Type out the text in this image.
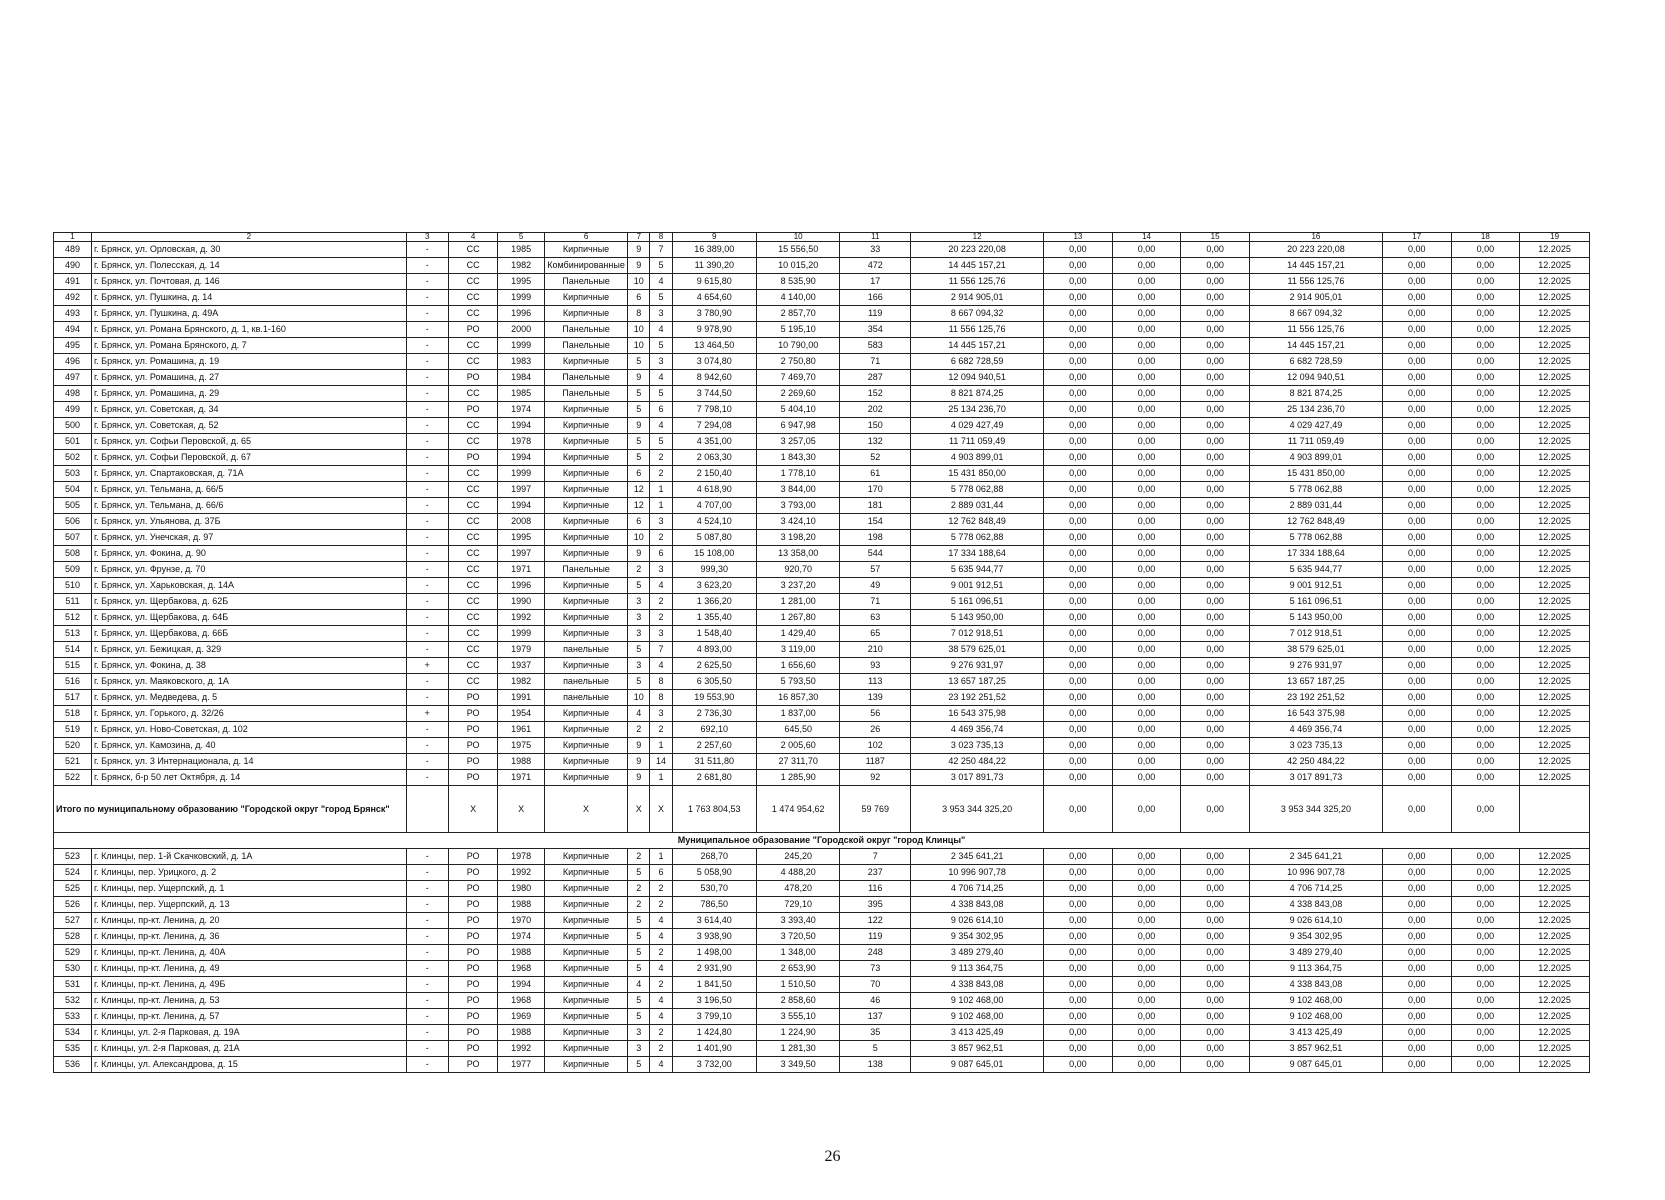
1	2	3	4	5	6	7	8	9	10	11	12	13	14	15	16	17	18	19
489	г. Брянск, ул. Орловская, д. 30	-	СС	1985	Кирпичные	9	7	16 389,00	15 556,50	33	20 223 220,08	0,00	0,00	0,00	20 223 220,08	0,00	0,00	12.2025
490	г. Брянск, ул. Полесская, д. 14	-	СС	1982	Комбинированные	9	5	11 390,20	10 015,20	472	14 445 157,21	0,00	0,00	0,00	14 445 157,21	0,00	0,00	12.2025
491	г. Брянск, ул. Почтовая, д. 146	-	СС	1995	Панельные	10	4	9 615,80	8 535,90	17	11 556 125,76	0,00	0,00	0,00	11 556 125,76	0,00	0,00	12.2025
492	г. Брянск, ул. Пушкина, д. 14	-	СС	1999	Кирпичные	6	5	4 654,60	4 140,00	166	2 914 905,01	0,00	0,00	0,00	2 914 905,01	0,00	0,00	12.2025
493	г. Брянск, ул. Пушкина, д. 49А	-	СС	1996	Кирпичные	8	3	3 780,90	2 857,70	119	8 667 094,32	0,00	0,00	0,00	8 667 094,32	0,00	0,00	12.2025
494	г. Брянск, ул. Романа Брянского, д. 1, кв.1-160	-	РО	2000	Панельные	10	4	9 978,90	5 195,10	354	11 556 125,76	0,00	0,00	0,00	11 556 125,76	0,00	0,00	12.2025
495	г. Брянск, ул. Романа Брянского, д. 7	-	СС	1999	Панельные	10	5	13 464,50	10 790,00	583	14 445 157,21	0,00	0,00	0,00	14 445 157,21	0,00	0,00	12.2025
496	г. Брянск, ул. Ромашина, д. 19	-	СС	1983	Кирпичные	5	3	3 074,80	2 750,80	71	6 682 728,59	0,00	0,00	0,00	6 682 728,59	0,00	0,00	12.2025
497	г. Брянск, ул. Ромашина, д. 27	-	РО	1984	Панельные	9	4	8 942,60	7 469,70	287	12 094 940,51	0,00	0,00	0,00	12 094 940,51	0,00	0,00	12.2025
498	г. Брянск, ул. Ромашина, д. 29	-	СС	1985	Панельные	5	5	3 744,50	2 269,60	152	8 821 874,25	0,00	0,00	0,00	8 821 874,25	0,00	0,00	12.2025
499	г. Брянск, ул. Советская, д. 34	-	РО	1974	Кирпичные	5	6	7 798,10	5 404,10	202	25 134 236,70	0,00	0,00	0,00	25 134 236,70	0,00	0,00	12.2025
500	г. Брянск, ул. Советская, д. 52	-	СС	1994	Кирпичные	9	4	7 294,08	6 947,98	150	4 029 427,49	0,00	0,00	0,00	4 029 427,49	0,00	0,00	12.2025
501	г. Брянск, ул. Софьи Перовской, д. 65	-	СС	1978	Кирпичные	5	5	4 351,00	3 257,05	132	11 711 059,49	0,00	0,00	0,00	11 711 059,49	0,00	0,00	12.2025
502	г. Брянск, ул. Софьи Перовской, д. 67	-	РО	1994	Кирпичные	5	2	2 063,30	1 843,30	52	4 903 899,01	0,00	0,00	0,00	4 903 899,01	0,00	0,00	12.2025
503	г. Брянск, ул. Спартаковская, д. 71А	-	СС	1999	Кирпичные	6	2	2 150,40	1 778,10	61	15 431 850,00	0,00	0,00	0,00	15 431 850,00	0,00	0,00	12.2025
504	г. Брянск, ул. Тельмана, д. 66/5	-	СС	1997	Кирпичные	12	1	4 618,90	3 844,00	170	5 778 062,88	0,00	0,00	0,00	5 778 062,88	0,00	0,00	12.2025
505	г. Брянск, ул. Тельмана, д. 66/6	-	СС	1994	Кирпичные	12	1	4 707,00	3 793,00	181	2 889 031,44	0,00	0,00	0,00	2 889 031,44	0,00	0,00	12.2025
506	г. Брянск, ул. Ульянова, д. 37Б	-	СС	2008	Кирпичные	6	3	4 524,10	3 424,10	154	12 762 848,49	0,00	0,00	0,00	12 762 848,49	0,00	0,00	12.2025
507	г. Брянск, ул. Унечская, д. 97	-	СС	1995	Кирпичные	10	2	5 087,80	3 198,20	198	5 778 062,88	0,00	0,00	0,00	5 778 062,88	0,00	0,00	12.2025
508	г. Брянск, ул. Фокина, д. 90	-	СС	1997	Кирпичные	9	6	15 108,00	13 358,00	544	17 334 188,64	0,00	0,00	0,00	17 334 188,64	0,00	0,00	12.2025
509	г. Брянск, ул. Фрунзе, д. 70	-	СС	1971	Панельные	2	3	999,30	920,70	57	5 635 944,77	0,00	0,00	0,00	5 635 944,77	0,00	0,00	12.2025
510	г. Брянск, ул. Харьковская, д. 14А	-	СС	1996	Кирпичные	5	4	3 623,20	3 237,20	49	9 001 912,51	0,00	0,00	0,00	9 001 912,51	0,00	0,00	12.2025
511	г. Брянск, ул. Щербакова, д. 62Б	-	СС	1990	Кирпичные	3	2	1 366,20	1 281,00	71	5 161 096,51	0,00	0,00	0,00	5 161 096,51	0,00	0,00	12.2025
512	г. Брянск, ул. Щербакова, д. 64Б	-	СС	1992	Кирпичные	3	2	1 355,40	1 267,80	63	5 143 950,00	0,00	0,00	0,00	5 143 950,00	0,00	0,00	12.2025
513	г. Брянск, ул. Щербакова, д. 66Б	-	СС	1999	Кирпичные	3	3	1 548,40	1 429,40	65	7 012 918,51	0,00	0,00	0,00	7 012 918,51	0,00	0,00	12.2025
514	г. Брянск, ул. Бежицкая, д. 329	-	СС	1979	панельные	5	7	4 893,00	3 119,00	210	38 579 625,01	0,00	0,00	0,00	38 579 625,01	0,00	0,00	12.2025
515	г. Брянск, ул. Фокина, д. 38	+	СС	1937	Кирпичные	3	4	2 625,50	1 656,60	93	9 276 931,97	0,00	0,00	0,00	9 276 931,97	0,00	0,00	12.2025
516	г. Брянск, ул. Маяковского, д. 1А	-	СС	1982	панельные	5	8	6 305,50	5 793,50	113	13 657 187,25	0,00	0,00	0,00	13 657 187,25	0,00	0,00	12.2025
517	г. Брянск, ул. Медведева, д. 5	-	РО	1991	панельные	10	8	19 553,90	16 857,30	139	23 192 251,52	0,00	0,00	0,00	23 192 251,52	0,00	0,00	12.2025
518	г. Брянск, ул. Горького, д. 32/26	+	РО	1954	Кирпичные	4	3	2 736,30	1 837,00	56	16 543 375,98	0,00	0,00	0,00	16 543 375,98	0,00	0,00	12.2025
519	г. Брянск, ул. Ново-Советская, д. 102	-	РО	1961	Кирпичные	2	2	692,10	645,50	26	4 469 356,74	0,00	0,00	0,00	4 469 356,74	0,00	0,00	12.2025
520	г. Брянск, ул. Камозина, д. 40	-	РО	1975	Кирпичные	9	1	2 257,60	2 005,60	102	3 023 735,13	0,00	0,00	0,00	3 023 735,13	0,00	0,00	12.2025
521	г. Брянск, ул. 3 Интернационала, д. 14	-	РО	1988	Кирпичные	9	14	31 511,80	27 311,70	1187	42 250 484,22	0,00	0,00	0,00	42 250 484,22	0,00	0,00	12.2025
522	г. Брянск, б-р 50 лет Октября, д. 14	-	РО	1971	Кирпичные	9	1	2 681,80	1 285,90	92	3 017 891,73	0,00	0,00	0,00	3 017 891,73	0,00	0,00	12.2025
Итого по муниципальному образованию "Городской округ "город Брянск"			X	X	X	X	X	1 763 804,53	1 474 954,62	59 769	3 953 344 325,20	0,00	0,00	0,00	3 953 344 325,20	0,00	0,00	
Муниципальное образование "Городской округ "город Клинцы"																		
523	г. Клинцы, пер. 1-й Скачковский, д. 1А	-	РО	1978	Кирпичные	2	1	268,70	245,20	7	2 345 641,21	0,00	0,00	0,00	2 345 641,21	0,00	0,00	12.2025
524	г. Клинцы, пер. Урицкого, д. 2	-	РО	1992	Кирпичные	5	6	5 058,90	4 488,20	237	10 996 907,78	0,00	0,00	0,00	10 996 907,78	0,00	0,00	12.2025
525	г. Клинцы, пер. Ущерпский, д. 1	-	РО	1980	Кирпичные	2	2	530,70	478,20	116	4 706 714,25	0,00	0,00	0,00	4 706 714,25	0,00	0,00	12.2025
526	г. Клинцы, пер. Ущерпский, д. 13	-	РО	1988	Кирпичные	2	2	786,50	729,10	395	4 338 843,08	0,00	0,00	0,00	4 338 843,08	0,00	0,00	12.2025
527	г. Клинцы, пр-кт. Ленина, д. 20	-	РО	1970	Кирпичные	5	4	3 614,40	3 393,40	122	9 026 614,10	0,00	0,00	0,00	9 026 614,10	0,00	0,00	12.2025
528	г. Клинцы, пр-кт. Ленина, д. 36	-	РО	1974	Кирпичные	5	4	3 938,90	3 720,50	119	9 354 302,95	0,00	0,00	0,00	9 354 302,95	0,00	0,00	12.2025
529	г. Клинцы, пр-кт. Ленина, д. 40А	-	РО	1988	Кирпичные	5	2	1 498,00	1 348,00	248	3 489 279,40	0,00	0,00	0,00	3 489 279,40	0,00	0,00	12.2025
530	г. Клинцы, пр-кт. Ленина, д. 49	-	РО	1968	Кирпичные	5	4	2 931,90	2 653,90	73	9 113 364,75	0,00	0,00	0,00	9 113 364,75	0,00	0,00	12.2025
531	г. Клинцы, пр-кт. Ленина, д. 49Б	-	РО	1994	Кирпичные	4	2	1 841,50	1 510,50	70	4 338 843,08	0,00	0,00	0,00	4 338 843,08	0,00	0,00	12.2025
532	г. Клинцы, пр-кт. Ленина, д. 53	-	РО	1968	Кирпичные	5	4	3 196,50	2 858,60	46	9 102 468,00	0,00	0,00	0,00	9 102 468,00	0,00	0,00	12.2025
533	г. Клинцы, пр-кт. Ленина, д. 57	-	РО	1969	Кирпичные	5	4	3 799,10	3 555,10	137	9 102 468,00	0,00	0,00	0,00	9 102 468,00	0,00	0,00	12.2025
534	г. Клинцы, ул. 2-я Парковая, д. 19А	-	РО	1988	Кирпичные	3	2	1 424,80	1 224,90	35	3 413 425,49	0,00	0,00	0,00	3 413 425,49	0,00	0,00	12.2025
535	г. Клинцы, ул. 2-я Парковая, д. 21А	-	РО	1992	Кирпичные	3	2	1 401,90	1 281,30	5	3 857 962,51	0,00	0,00	0,00	3 857 962,51	0,00	0,00	12.2025
536	г. Клинцы, ул. Александрова, д. 15	-	РО	1977	Кирпичные	5	4	3 732,00	3 349,50	138	9 087 645,01	0,00	0,00	0,00	9 087 645,01	0,00	0,00	12.2025
26
